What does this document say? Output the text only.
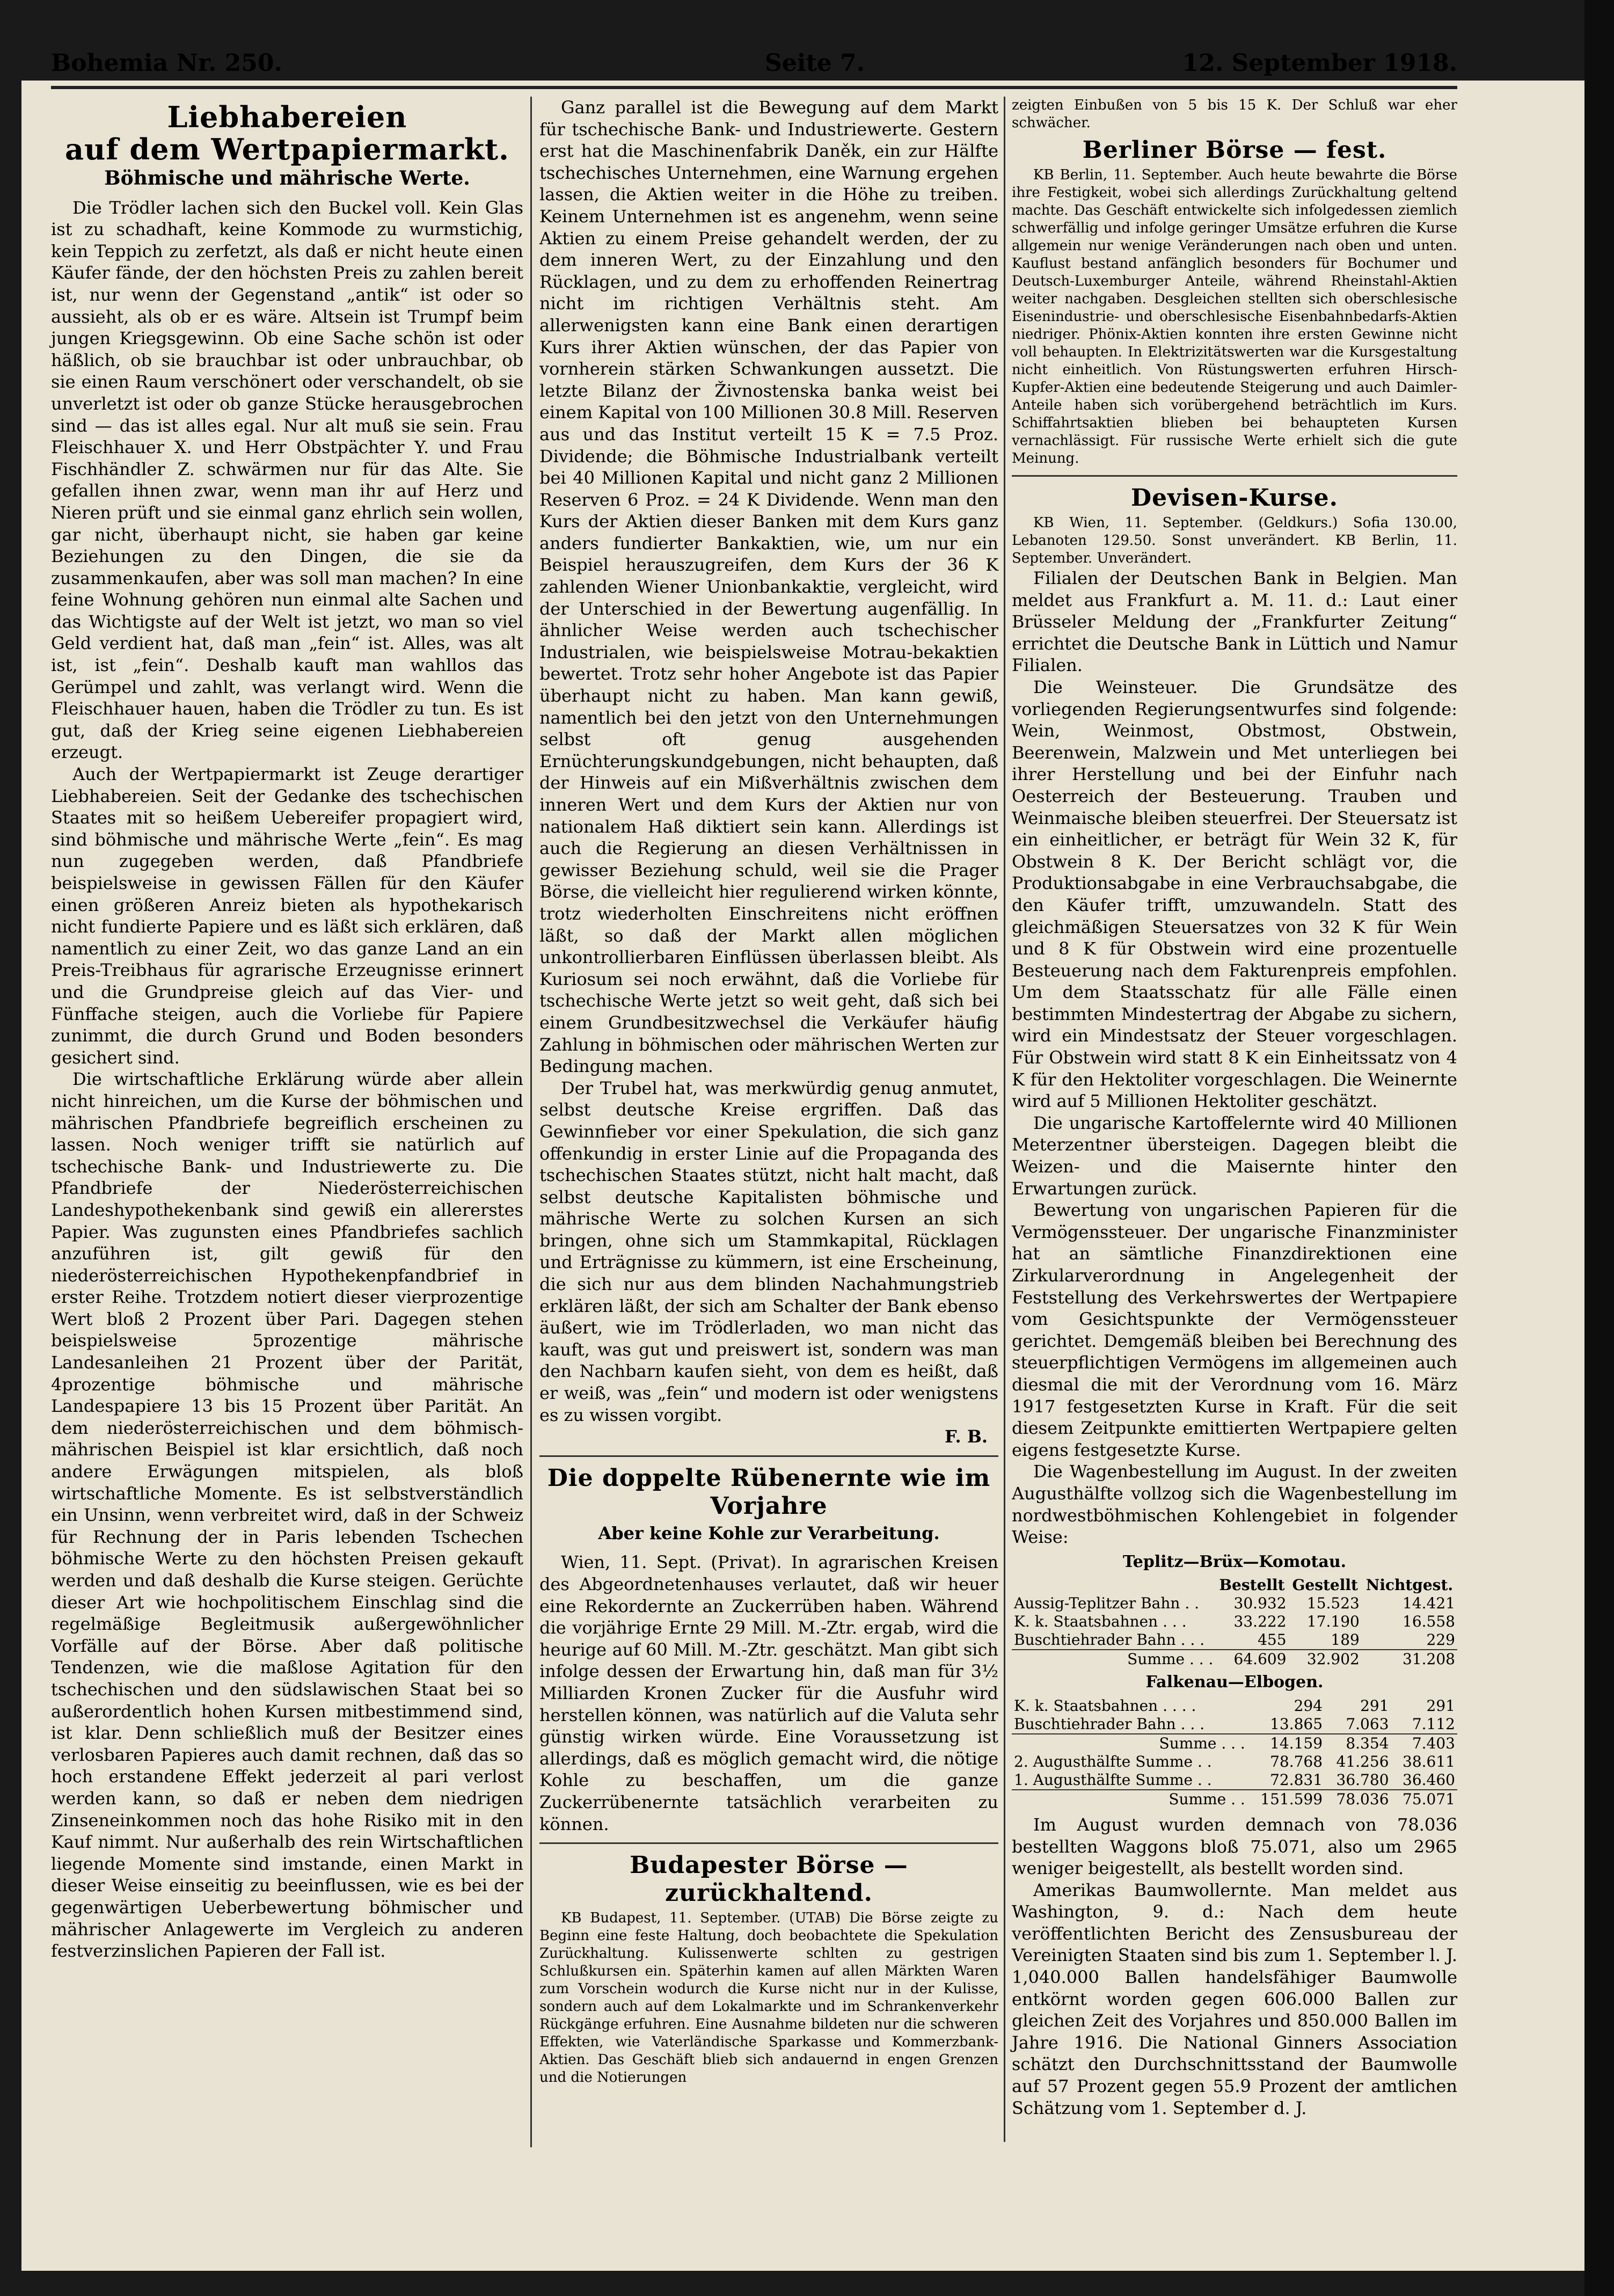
Bohemia Nr. 250.	Seite 7.	12. September 1918.
Liebhabereien
auf dem Wertpapiermarkt.
Böhmische und mährische Werte.

Die Trödler lachen sich den Buckel voll. Kein Glas ist zu schadhaft, keine Kommode zu wurmstichig, kein Teppich zu zerfetzt, als daß er nicht heute einen Käufer fände, der den höchsten Preis zu zahlen bereit ist, nur wenn der Gegenstand „antik“ ist oder so aussieht, als ob er es wäre. Altsein ist Trumpf beim jungen Kriegsgewinn. Ob eine Sache schön ist oder häßlich, ob sie brauchbar ist oder unbrauchbar, ob sie einen Raum verschönert oder verschandelt, ob sie unverletzt ist oder ob ganze Stücke herausgebrochen sind — das ist alles egal. Nur alt muß sie sein. Frau Fleischhauer X. und Herr Obstpächter Y. und Frau Fischhändler Z. schwärmen nur für das Alte. Sie gefallen ihnen zwar, wenn man ihr auf Herz und Nieren prüft und sie einmal ganz ehrlich sein wollen, gar nicht, überhaupt nicht, sie haben gar keine Beziehungen zu den Dingen, die sie da zusammenkaufen, aber was soll man machen? In eine feine Wohnung gehören nun einmal alte Sachen und das Wichtigste auf der Welt ist jetzt, wo man so viel Geld verdient hat, daß man „fein“ ist. Alles, was alt ist, ist „fein“. Deshalb kauft man wahllos das Gerümpel und zahlt, was verlangt wird. Wenn die Fleischhauer hauen, haben die Trödler zu tun. Es ist gut, daß der Krieg seine eigenen Liebhabereien erzeugt.

Auch der Wertpapiermarkt ist Zeuge derartiger Liebhabereien. Seit der Gedanke des tschechischen Staates mit so heißem Uebereifer propagiert wird, sind böhmische und mährische Werte „fein“. Es mag nun zugegeben werden, daß Pfandbriefe beispielsweise in gewissen Fällen für den Käufer einen größeren Anreiz bieten als hypothekarisch nicht fundierte Papiere und es läßt sich erklären, daß namentlich zu einer Zeit, wo das ganze Land an ein Preis-Treibhaus für agrarische Erzeugnisse erinnert und die Grundpreise gleich auf das Vier- und Fünffache steigen, auch die Vorliebe für Papiere zunimmt, die durch Grund und Boden besonders gesichert sind.

Die wirtschaftliche Erklärung würde aber allein nicht hinreichen, um die Kurse der böhmischen und mährischen Pfandbriefe begreiflich erscheinen zu lassen. Noch weniger trifft sie natürlich auf tschechische Bank- und Industriewerte zu. Die Pfandbriefe der Niederösterreichischen Landeshypothekenbank sind gewiß ein allererstes Papier. Was zugunsten eines Pfandbriefes sachlich anzuführen ist, gilt gewiß für den niederösterreichischen Hypothekenpfandbrief in erster Reihe. Trotzdem notiert dieser vierprozentige Wert bloß 2 Prozent über Pari. Dagegen stehen beispielsweise 5prozentige mährische Landesanleihen 21 Prozent über der Parität, 4prozentige böhmische und mährische Landespapiere 13 bis 15 Prozent über Parität. An dem niederösterreichischen und dem böhmisch-mährischen Beispiel ist klar ersichtlich, daß noch andere Erwägungen mitspielen, als bloß wirtschaftliche Momente. Es ist selbstverständlich ein Unsinn, wenn verbreitet wird, daß in der Schweiz für Rechnung der in Paris lebenden Tschechen böhmische Werte zu den höchsten Preisen gekauft werden und daß deshalb die Kurse steigen. Gerüchte dieser Art wie hochpolitischem Einschlag sind die regelmäßige Begleitmusik außergewöhnlicher Vorfälle auf der Börse. Aber daß politische Tendenzen, wie die maßlose Agitation für den tschechischen und den südslawischen Staat bei so außerordentlich hohen Kursen mitbestimmend sind, ist klar. Denn schließlich muß der Besitzer eines verlosbaren Papieres auch damit rechnen, daß das so hoch erstandene Effekt jederzeit al pari verlost werden kann, so daß er neben dem niedrigen Zinseneinkommen noch das hohe Risiko mit in den Kauf nimmt. Nur außerhalb des rein Wirtschaftlichen liegende Momente sind imstande, einen Markt in dieser Weise einseitig zu beeinflussen, wie es bei der gegenwärtigen Ueberbewertung böhmischer und mährischer Anlagewerte im Vergleich zu anderen festverzinslichen Papieren der Fall ist.

Ganz parallel ist die Bewegung auf dem Markt für tschechische Bank- und Industriewerte. Gestern erst hat die Maschinenfabrik Daněk, ein zur Hälfte tschechisches Unternehmen, eine Warnung ergehen lassen, die Aktien weiter in die Höhe zu treiben. Keinem Unternehmen ist es angenehm, wenn seine Aktien zu einem Preise gehandelt werden, der zu dem inneren Wert, zu der Einzahlung und den Rücklagen, und zu dem zu erhoffenden Reinertrag nicht im richtigen Verhältnis steht. Am allerwenigsten kann eine Bank einen derartigen Kurs ihrer Aktien wünschen, der das Papier von vornherein stärken Schwankungen aussetzt. Die letzte Bilanz der Živnostenska banka weist bei einem Kapital von 100 Millionen 30.8 Mill. Reserven aus und das Institut verteilt 15 K = 7.5 Proz. Dividende; die Böhmische Industrialbank verteilt bei 40 Millionen Kapital und nicht ganz 2 Millionen Reserven 6 Proz. = 24 K Dividende. Wenn man den Kurs der Aktien dieser Banken mit dem Kurs ganz anders fundierter Bankaktien, wie, um nur ein Beispiel herauszugreifen, dem Kurs der 36 K zahlenden Wiener Unionbankaktie, vergleicht, wird der Unterschied in der Bewertung augenfällig. In ähnlicher Weise werden auch tschechischer Industrialen, wie beispielsweise Motrau-bekaktien bewertet. Trotz sehr hoher Angebote ist das Papier überhaupt nicht zu haben. Man kann gewiß, namentlich bei den jetzt von den Unternehmungen selbst oft genug ausgehenden Ernüchterungskundgebungen, nicht behaupten, daß der Hinweis auf ein Mißverhältnis zwischen dem inneren Wert und dem Kurs der Aktien nur von nationalem Haß diktiert sein kann. Allerdings ist auch die Regierung an diesen Verhältnissen in gewisser Beziehung schuld, weil sie die Prager Börse, die vielleicht hier regulierend wirken könnte, trotz wiederholten Einschreitens nicht eröffnen läßt, so daß der Markt allen möglichen unkontrollierbaren Einflüssen überlassen bleibt. Als Kuriosum sei noch erwähnt, daß die Vorliebe für tschechische Werte jetzt so weit geht, daß sich bei einem Grundbesitzwechsel die Verkäufer häufig Zahlung in böhmischen oder mährischen Werten zur Bedingung machen.

Der Trubel hat, was merkwürdig genug anmutet, selbst deutsche Kreise ergriffen. Daß das Gewinnfieber vor einer Spekulation, die sich ganz offenkundig in erster Linie auf die Propaganda des tschechischen Staates stützt, nicht halt macht, daß selbst deutsche Kapitalisten böhmische und mährische Werte zu solchen Kursen an sich bringen, ohne sich um Stammkapital, Rücklagen und Erträgnisse zu kümmern, ist eine Erscheinung, die sich nur aus dem blinden Nachahmungstrieb erklären läßt, der sich am Schalter der Bank ebenso äußert, wie im Trödlerladen, wo man nicht das kauft, was gut und preiswert ist, sondern was man den Nachbarn kaufen sieht, von dem es heißt, daß er weiß, was „fein“ und modern ist oder wenigstens es zu wissen vorgibt.

F. B.
Die doppelte Rübenernte wie im Vorjahre
Aber keine Kohle zur Verarbeitung.

Wien, 11. Sept. (Privat). In agrarischen Kreisen des Abgeordnetenhauses verlautet, daß wir heuer eine Rekordernte an Zuckerrüben haben. Während die vorjährige Ernte 29 Mill. M.-Ztr. ergab, wird die heurige auf 60 Mill. M.-Ztr. geschätzt. Man gibt sich infolge dessen der Erwartung hin, daß man für 3½ Milliarden Kronen Zucker für die Ausfuhr wird herstellen können, was natürlich auf die Valuta sehr günstig wirken würde. Eine Voraussetzung ist allerdings, daß es möglich gemacht wird, die nötige Kohle zu beschaffen, um die ganze Zuckerrübenernte tatsächlich verarbeiten zu können.

Budapester Börse — zurückhaltend.

KB Budapest, 11. September. (UTAB) Die Börse zeigte zu Beginn eine feste Haltung, doch beobachtete die Spekulation Zurückhaltung. Kulissenwerte schlten zu gestrigen Schlußkursen ein. Späterhin kamen auf allen Märkten Waren zum Vorschein wodurch die Kurse nicht nur in der Kulisse, sondern auch auf dem Lokalmarkte und im Schrankenverkehr Rückgänge erfuhren. Eine Ausnahme bildeten nur die schweren Effekten, wie Vaterländische Sparkasse und Kommerzbank-Aktien. Das Geschäft blieb sich andauernd in engen Grenzen und die Notierungen

zeigten Einbußen von 5 bis 15 K. Der Schluß war eher schwächer.

Berliner Börse — fest.

KB Berlin, 11. September. Auch heute bewahrte die Börse ihre Festigkeit, wobei sich allerdings Zurückhaltung geltend machte. Das Geschäft entwickelte sich infolgedessen ziemlich schwerfällig und infolge geringer Umsätze erfuhren die Kurse allgemein nur wenige Veränderungen nach oben und unten. Kauflust bestand anfänglich besonders für Bochumer und Deutsch-Luxemburger Anteile, während Rheinstahl-Aktien weiter nachgaben. Desgleichen stellten sich oberschlesische Eisenindustrie- und oberschlesische Eisenbahnbedarfs-Aktien niedriger. Phönix-Aktien konnten ihre ersten Gewinne nicht voll behaupten. In Elektrizitätswerten war die Kursgestaltung nicht einheitlich. Von Rüstungswerten erfuhren Hirsch-Kupfer-Aktien eine bedeutende Steigerung und auch Daimler-Anteile haben sich vorübergehend beträchtlich im Kurs. Schiffahrtsaktien blieben bei behaupteten Kursen vernachlässigt. Für russische Werte erhielt sich die gute Meinung.

Devisen-Kurse.

KB Wien, 11. September. (Geldkurs.) Sofia 130.00, Lebanoten 129.50. Sonst unverändert. KB Berlin, 11. September. Unverändert.

Filialen der Deutschen Bank in Belgien. Man meldet aus Frankfurt a. M. 11. d.: Laut einer Brüsseler Meldung der „Frankfurter Zeitung“ errichtet die Deutsche Bank in Lüttich und Namur Filialen.

Die Weinsteuer. Die Grundsätze des vorliegenden Regierungsentwurfes sind folgende: Wein, Weinmost, Obstmost, Obstwein, Beerenwein, Malzwein und Met unterliegen bei ihrer Herstellung und bei der Einfuhr nach Oesterreich der Besteuerung. Trauben und Weinmaische bleiben steuerfrei. Der Steuersatz ist ein einheitlicher, er beträgt für Wein 32 K, für Obstwein 8 K. Der Bericht schlägt vor, die Produktionsabgabe in eine Verbrauchsabgabe, die den Käufer trifft, umzuwandeln. Statt des gleichmäßigen Steuersatzes von 32 K für Wein und 8 K für Obstwein wird eine prozentuelle Besteuerung nach dem Fakturenpreis empfohlen. Um dem Staatsschatz für alle Fälle einen bestimmten Mindestertrag der Abgabe zu sichern, wird ein Mindestsatz der Steuer vorgeschlagen. Für Obstwein wird statt 8 K ein Einheitssatz von 4 K für den Hektoliter vorgeschlagen. Die Weinernte wird auf 5 Millionen Hektoliter geschätzt.

Die ungarische Kartoffelernte wird 40 Millionen Meterzentner übersteigen. Dagegen bleibt die Weizen- und die Maisernte hinter den Erwartungen zurück.

Bewertung von ungarischen Papieren für die Vermögenssteuer. Der ungarische Finanzminister hat an sämtliche Finanzdirektionen eine Zirkularverordnung in Angelegenheit der Feststellung des Verkehrswertes der Wertpapiere vom Gesichtspunkte der Vermögenssteuer gerichtet. Demgemäß bleiben bei Berechnung des steuerpflichtigen Vermögens im allgemeinen auch diesmal die mit der Verordnung vom 16. März 1917 festgesetzten Kurse in Kraft. Für die seit diesem Zeitpunkte emittierten Wertpapiere gelten eigens festgesetzte Kurse.

Die Wagenbestellung im August. In der zweiten Augusthälfte vollzog sich die Wagenbestellung im nordwestböhmischen Kohlengebiet in folgender Weise:

Teplitz—Brüx—Komotau.
	Bestellt	Gestellt	Nichtgest.
Aussig-Teplitzer Bahn . .	30.932	15.523	14.421
K. k. Staatsbahnen . . .	33.222	17.190	16.558
Buschtiehrader Bahn . . .	455	189	229
Summe . . .	64.609	32.902	31.208
Falkenau—Elbogen.
K. k. Staatsbahnen . . . .	294	291	291
Buschtiehrader Bahn . . .	13.865	7.063	7.112
Summe . . .	14.159	8.354	7.403
2. Augusthälfte Summe . .	78.768	41.256	38.611
1. Augusthälfte Summe . .	72.831	36.780	36.460
Summe . .	151.599	78.036	75.071

Im August wurden demnach von 78.036 bestellten Waggons bloß 75.071, also um 2965 weniger beigestellt, als bestellt worden sind.

Amerikas Baumwollernte. Man meldet aus Washington, 9. d.: Nach dem heute veröffentlichten Bericht des Zensusbureau der Vereinigten Staaten sind bis zum 1. September l. J. 1,040.000 Ballen handelsfähiger Baumwolle entkörnt worden gegen 606.000 Ballen zur gleichen Zeit des Vorjahres und 850.000 Ballen im Jahre 1916. Die National Ginners Association schätzt den Durchschnittsstand der Baumwolle auf 57 Prozent gegen 55.9 Prozent der amtlichen Schätzung vom 1. September d. J.
